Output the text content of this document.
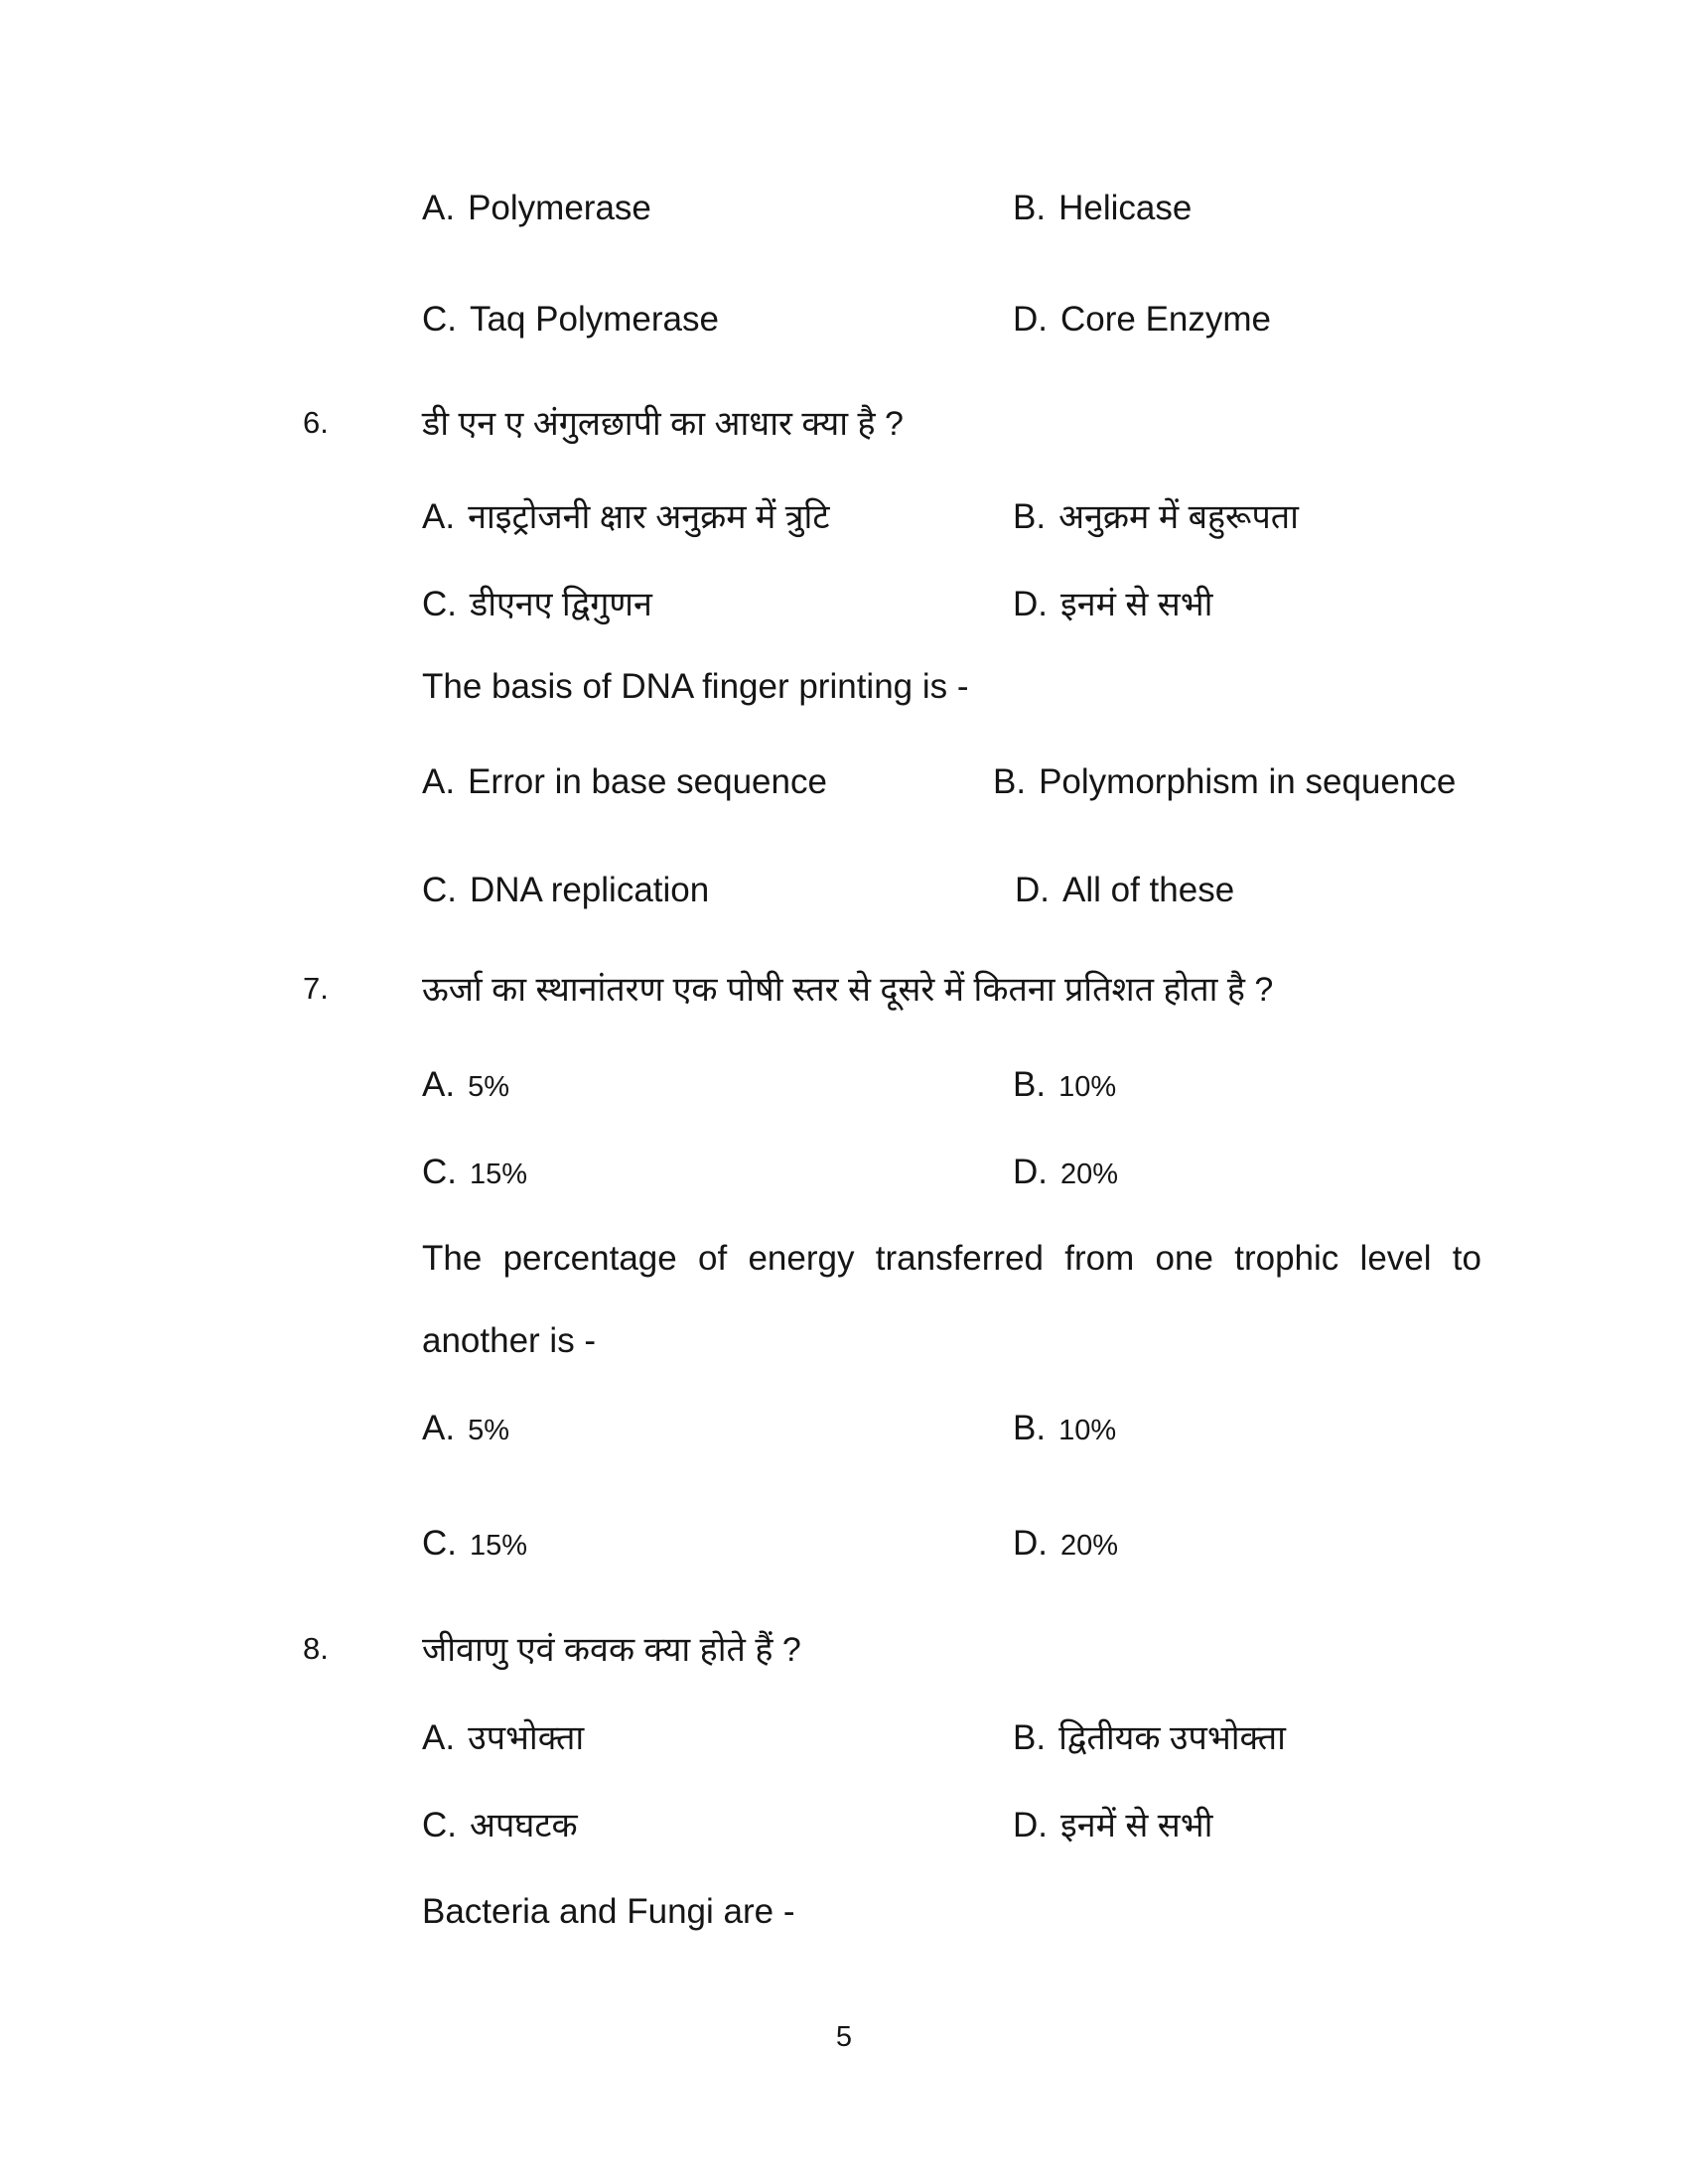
A. Polymerase	B. Helicase
C. Taq Polymerase	D. Core Enzyme
6.	डी एन ए अंगुलछापी का आधार क्या है ?
A. नाइट्रोजनी क्षार अनुक्रम में त्रुटि	B. अनुक्रम में बहुरूपता
C. डीएनए द्विगुणन	D. इनमं से सभी
The basis of DNA finger printing is -
A. Error in base sequence	B. Polymorphism in sequence
C. DNA replication	D. All of these
7.	ऊर्जा का स्थानांतरण एक पोषी स्तर से दूसरे में कितना प्रतिशत होता है ?
A. 5%	B. 10%
C. 15%	D. 20%
The percentage of energy transferred from one trophic level to
another is -
A. 5%	B. 10%
C. 15%	D. 20%
8.	जीवाणु एवं कवक क्या होते हैं ?
A. उपभोक्ता	B. द्वितीयक उपभोक्ता
C. अपघटक	D. इनमें से सभी
Bacteria and Fungi are -
5
